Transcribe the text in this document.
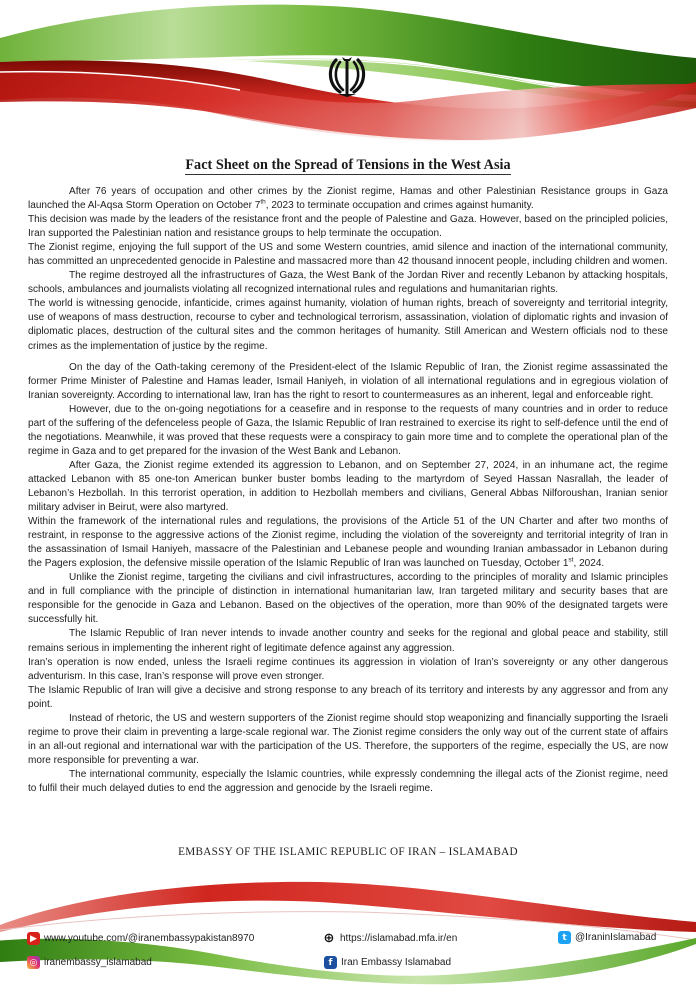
Fact Sheet on the Spread of Tensions in the West Asia

After 76 years of occupation and other crimes by the Zionist regime, Hamas and other Palestinian Resistance groups in Gaza launched the Al-Aqsa Storm Operation on October 7th, 2023 to terminate occupation and crimes against humanity.

This decision was made by the leaders of the resistance front and the people of Palestine and Gaza. However, based on the principled policies, Iran supported the Palestinian nation and resistance groups to help terminate the occupation.

The Zionist regime, enjoying the full support of the US and some Western countries, amid silence and inaction of the international community, has committed an unprecedented genocide in Palestine and massacred more than 42 thousand innocent people, including children and women.

The regime destroyed all the infrastructures of Gaza, the West Bank of the Jordan River and recently Lebanon by attacking hospitals, schools, ambulances and journalists violating all recognized international rules and regulations and humanitarian rights.

The world is witnessing genocide, infanticide, crimes against humanity, violation of human rights, breach of sovereignty and territorial integrity, use of weapons of mass destruction, recourse to cyber and technological terrorism, assassination, violation of diplomatic rights and invasion of diplomatic places, destruction of the cultural sites and the common heritages of humanity. Still American and Western officials nod to these crimes as the implementation of justice by the regime.

On the day of the Oath-taking ceremony of the President-elect of the Islamic Republic of Iran, the Zionist regime assassinated the former Prime Minister of Palestine and Hamas leader, Ismail Haniyeh, in violation of all international regulations and in egregious violation of Iranian sovereignty. According to international law, Iran has the right to resort to countermeasures as an inherent, legal and enforceable right.

However, due to the on-going negotiations for a ceasefire and in response to the requests of many countries and in order to reduce part of the suffering of the defenceless people of Gaza, the Islamic Republic of Iran restrained to exercise its right to self-defence until the end of the negotiations. Meanwhile, it was proved that these requests were a conspiracy to gain more time and to complete the operational plan of the regime in Gaza and to get prepared for the invasion of the West Bank and Lebanon.

After Gaza, the Zionist regime extended its aggression to Lebanon, and on September 27, 2024, in an inhumane act, the regime attacked Lebanon with 85 one-ton American bunker buster bombs leading to the martyrdom of Seyed Hassan Nasrallah, the leader of Lebanon’s Hezbollah. In this terrorist operation, in addition to Hezbollah members and civilians, General Abbas Nilforoushan, Iranian senior military adviser in Beirut, were also martyred.

Within the framework of the international rules and regulations, the provisions of the Article 51 of the UN Charter and after two months of restraint, in response to the aggressive actions of the Zionist regime, including the violation of the sovereignty and territorial integrity of Iran in the assassination of Ismail Haniyeh, massacre of the Palestinian and Lebanese people and wounding Iranian ambassador in Lebanon during the Pagers explosion, the defensive missile operation of the Islamic Republic of Iran was launched on Tuesday, October 1st, 2024.

Unlike the Zionist regime, targeting the civilians and civil infrastructures, according to the principles of morality and Islamic principles and in full compliance with the principle of distinction in international humanitarian law, Iran targeted military and security bases that are responsible for the genocide in Gaza and Lebanon. Based on the objectives of the operation, more than 90% of the designated targets were successfully hit.

The Islamic Republic of Iran never intends to invade another country and seeks for the regional and global peace and stability, still remains serious in implementing the inherent right of legitimate defence against any aggression.

Iran’s operation is now ended, unless the Israeli regime continues its aggression in violation of Iran’s sovereignty or any other dangerous adventurism. In this case, Iran’s response will prove even stronger.

The Islamic Republic of Iran will give a decisive and strong response to any breach of its territory and interests by any aggressor and from any point.

Instead of rhetoric, the US and western supporters of the Zionist regime should stop weaponizing and financially supporting the Israeli regime to prove their claim in preventing a large-scale regional war. The Zionist regime considers the only way out of the current state of affairs in an all-out regional and international war with the participation of the US. Therefore, the supporters of the regime, especially the US, are now more responsible for preventing a war.

The international community, especially the Islamic countries, while expressly condemning the illegal acts of the Zionist regime, need to fulfil their much delayed duties to end the aggression and genocide by the Israeli regime.

EMBASSY OF THE ISLAMIC REPUBLIC OF IRAN – ISLAMABAD
▶ www.youtube.com/@iranembassypakistan8970	⊕ https://islamabad.mfa.ir/en	t @IraninIslamabad
◎ iranembassy_islamabad	f Iran Embassy Islamabad
